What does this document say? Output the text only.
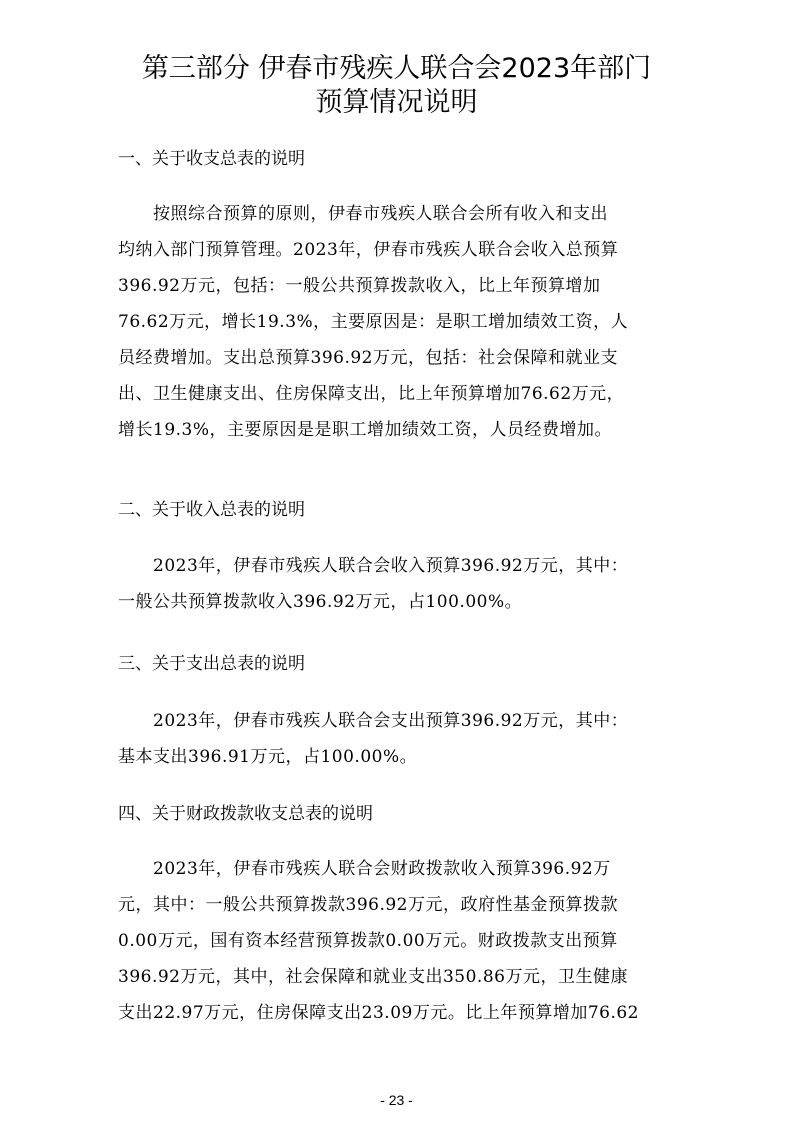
第三部分 伊春市残疾人联合会2023年部门
预算情况说明
一、关于收支总表的说明
　　按照综合预算的原则，伊春市残疾人联合会所有收入和支出
均纳入部门预算管理。2023年，伊春市残疾人联合会收入总预算
396.92万元，包括：一般公共预算拨款收入，比上年预算增加
76.62万元，增长19.3%，主要原因是：是职工增加绩效工资，人
员经费增加。支出总预算396.92万元，包括：社会保障和就业支
出、卫生健康支出、住房保障支出，比上年预算增加76.62万元，
增长19.3%，主要原因是是职工增加绩效工资，人员经费增加。
二、关于收入总表的说明
　　2023年，伊春市残疾人联合会收入预算396.92万元，其中：
一般公共预算拨款收入396.92万元，占100.00%。
三、关于支出总表的说明
　　2023年，伊春市残疾人联合会支出预算396.92万元，其中：
基本支出396.91万元，占100.00%。
四、关于财政拨款收支总表的说明
　　2023年，伊春市残疾人联合会财政拨款收入预算396.92万
元，其中：一般公共预算拨款396.92万元，政府性基金预算拨款
0.00万元，国有资本经营预算拨款0.00万元。财政拨款支出预算
396.92万元，其中，社会保障和就业支出350.86万元，卫生健康
支出22.97万元，住房保障支出23.09万元。比上年预算增加76.62
- 23 -
